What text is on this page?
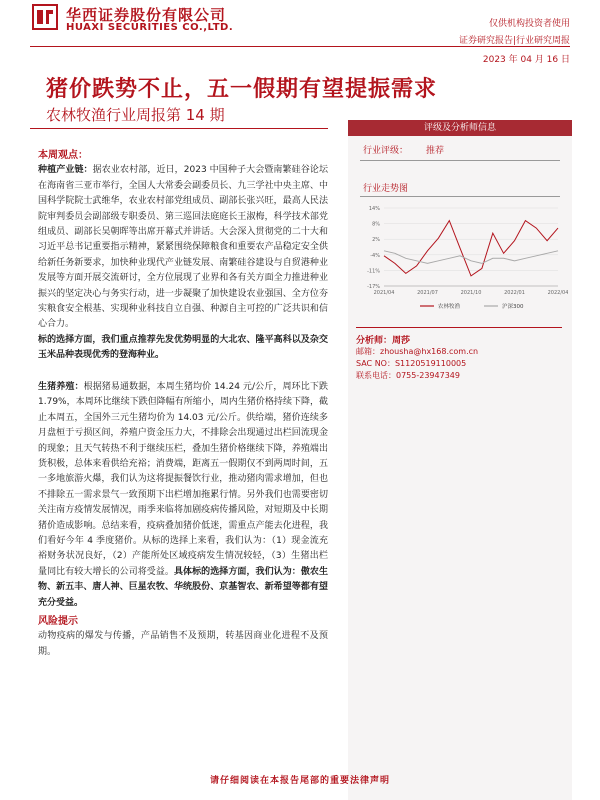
华西证券股份有限公司
HUAXI SECURITIES CO.,LTD.	仅供机构投资者使用
证券研究报告|行业研究周报
2023 年 04 月 16 日
猪价跌势不止，五一假期有望提振需求
农林牧渔行业周报第 14 期
本周观点：

种植产业链：据农业农村部，近日，2023 中国种子大会暨南繁硅谷论坛在海南省三亚市举行，全国人大常委会副委员长、九三学社中央主席、中国科学院院士武维华，农业农村部党组成员、副部长张兴旺，最高人民法院审判委员会副部级专职委员、第三巡回法庭庭长王淑梅，科学技术部党组成员、副部长吴朝晖等出席开幕式并讲话。大会深入贯彻党的二十大和习近平总书记重要指示精神，紧紧围绕保障粮食和重要农产品稳定安全供给新任务新要求，加快种业现代产业链发展、南繁硅谷建设与自贸港种业发展等方面开展交流研讨，全方位展现了业界和各有关方面全力推进种业振兴的坚定决心与务实行动，进一步凝聚了加快建设农业强国、全方位夯实粮食安全根基、实现种业科技自立自强、种源自主可控的广泛共识和信心合力。

标的选择方面，我们重点推荐先发优势明显的大北农、隆平高科以及杂交玉米品种表现优秀的登海种业。

生猪养殖：根据猪易通数据，本周生猪均价 14.24 元/公斤，周环比下跌 1.79%，本周环比继续下跌但降幅有所缩小，周内生猪价格持续下降，截止本周五，全国外三元生猪均价为 14.03 元/公斤。供给端，猪价连续多月盘桓于亏损区间，养殖户资金压力大，不排除会出现通过出栏回流现金的现象；且天气转热不利于继续压栏，叠加生猪价格继续下降，养殖端出货积极，总体来看供给充裕；消费端，距离五一假期仅不到两周时间，五一多地旅游火爆，我们认为这将提振餐饮行业，推动猪肉需求增加，但也不排除五一需求景气一致预期下出栏增加拖累行情。另外我们也需要密切关注南方疫情发展情况，雨季来临将加剧疫病传播风险，对短期及中长期猪价造成影响。总结来看，疫病叠加猪价低迷，需重点产能去化进程，我们看好今年 4 季度猪价。从标的选择上来看，我们认为：（1）现金流充裕财务状况良好，（2）产能所处区域疫病发生情况较轻，（3）生猪出栏量同比有较大增长的公司将受益。具体标的选择方面，我们认为：傲农生物、新五丰、唐人神、巨星农牧、华统股份、京基智农、新希望等都有望充分受益。

风险提示

动物疫病的爆发与传播，产品销售不及预期，转基因商业化进程不及预期。

评级及分析师信息
行业评级： 推荐
行业走势图
14%
8%
2%
-4%
-11%
-17%
2021/04	2021/07	2021/10	2022/01	2022/04
农林牧渔	沪深300
分析师：周莎
邮箱：zhousha@hx168.com.cn
SAC NO：S1120519110005
联系电话：0755-23947349
请仔细阅读在本报告尾部的重要法律声明
